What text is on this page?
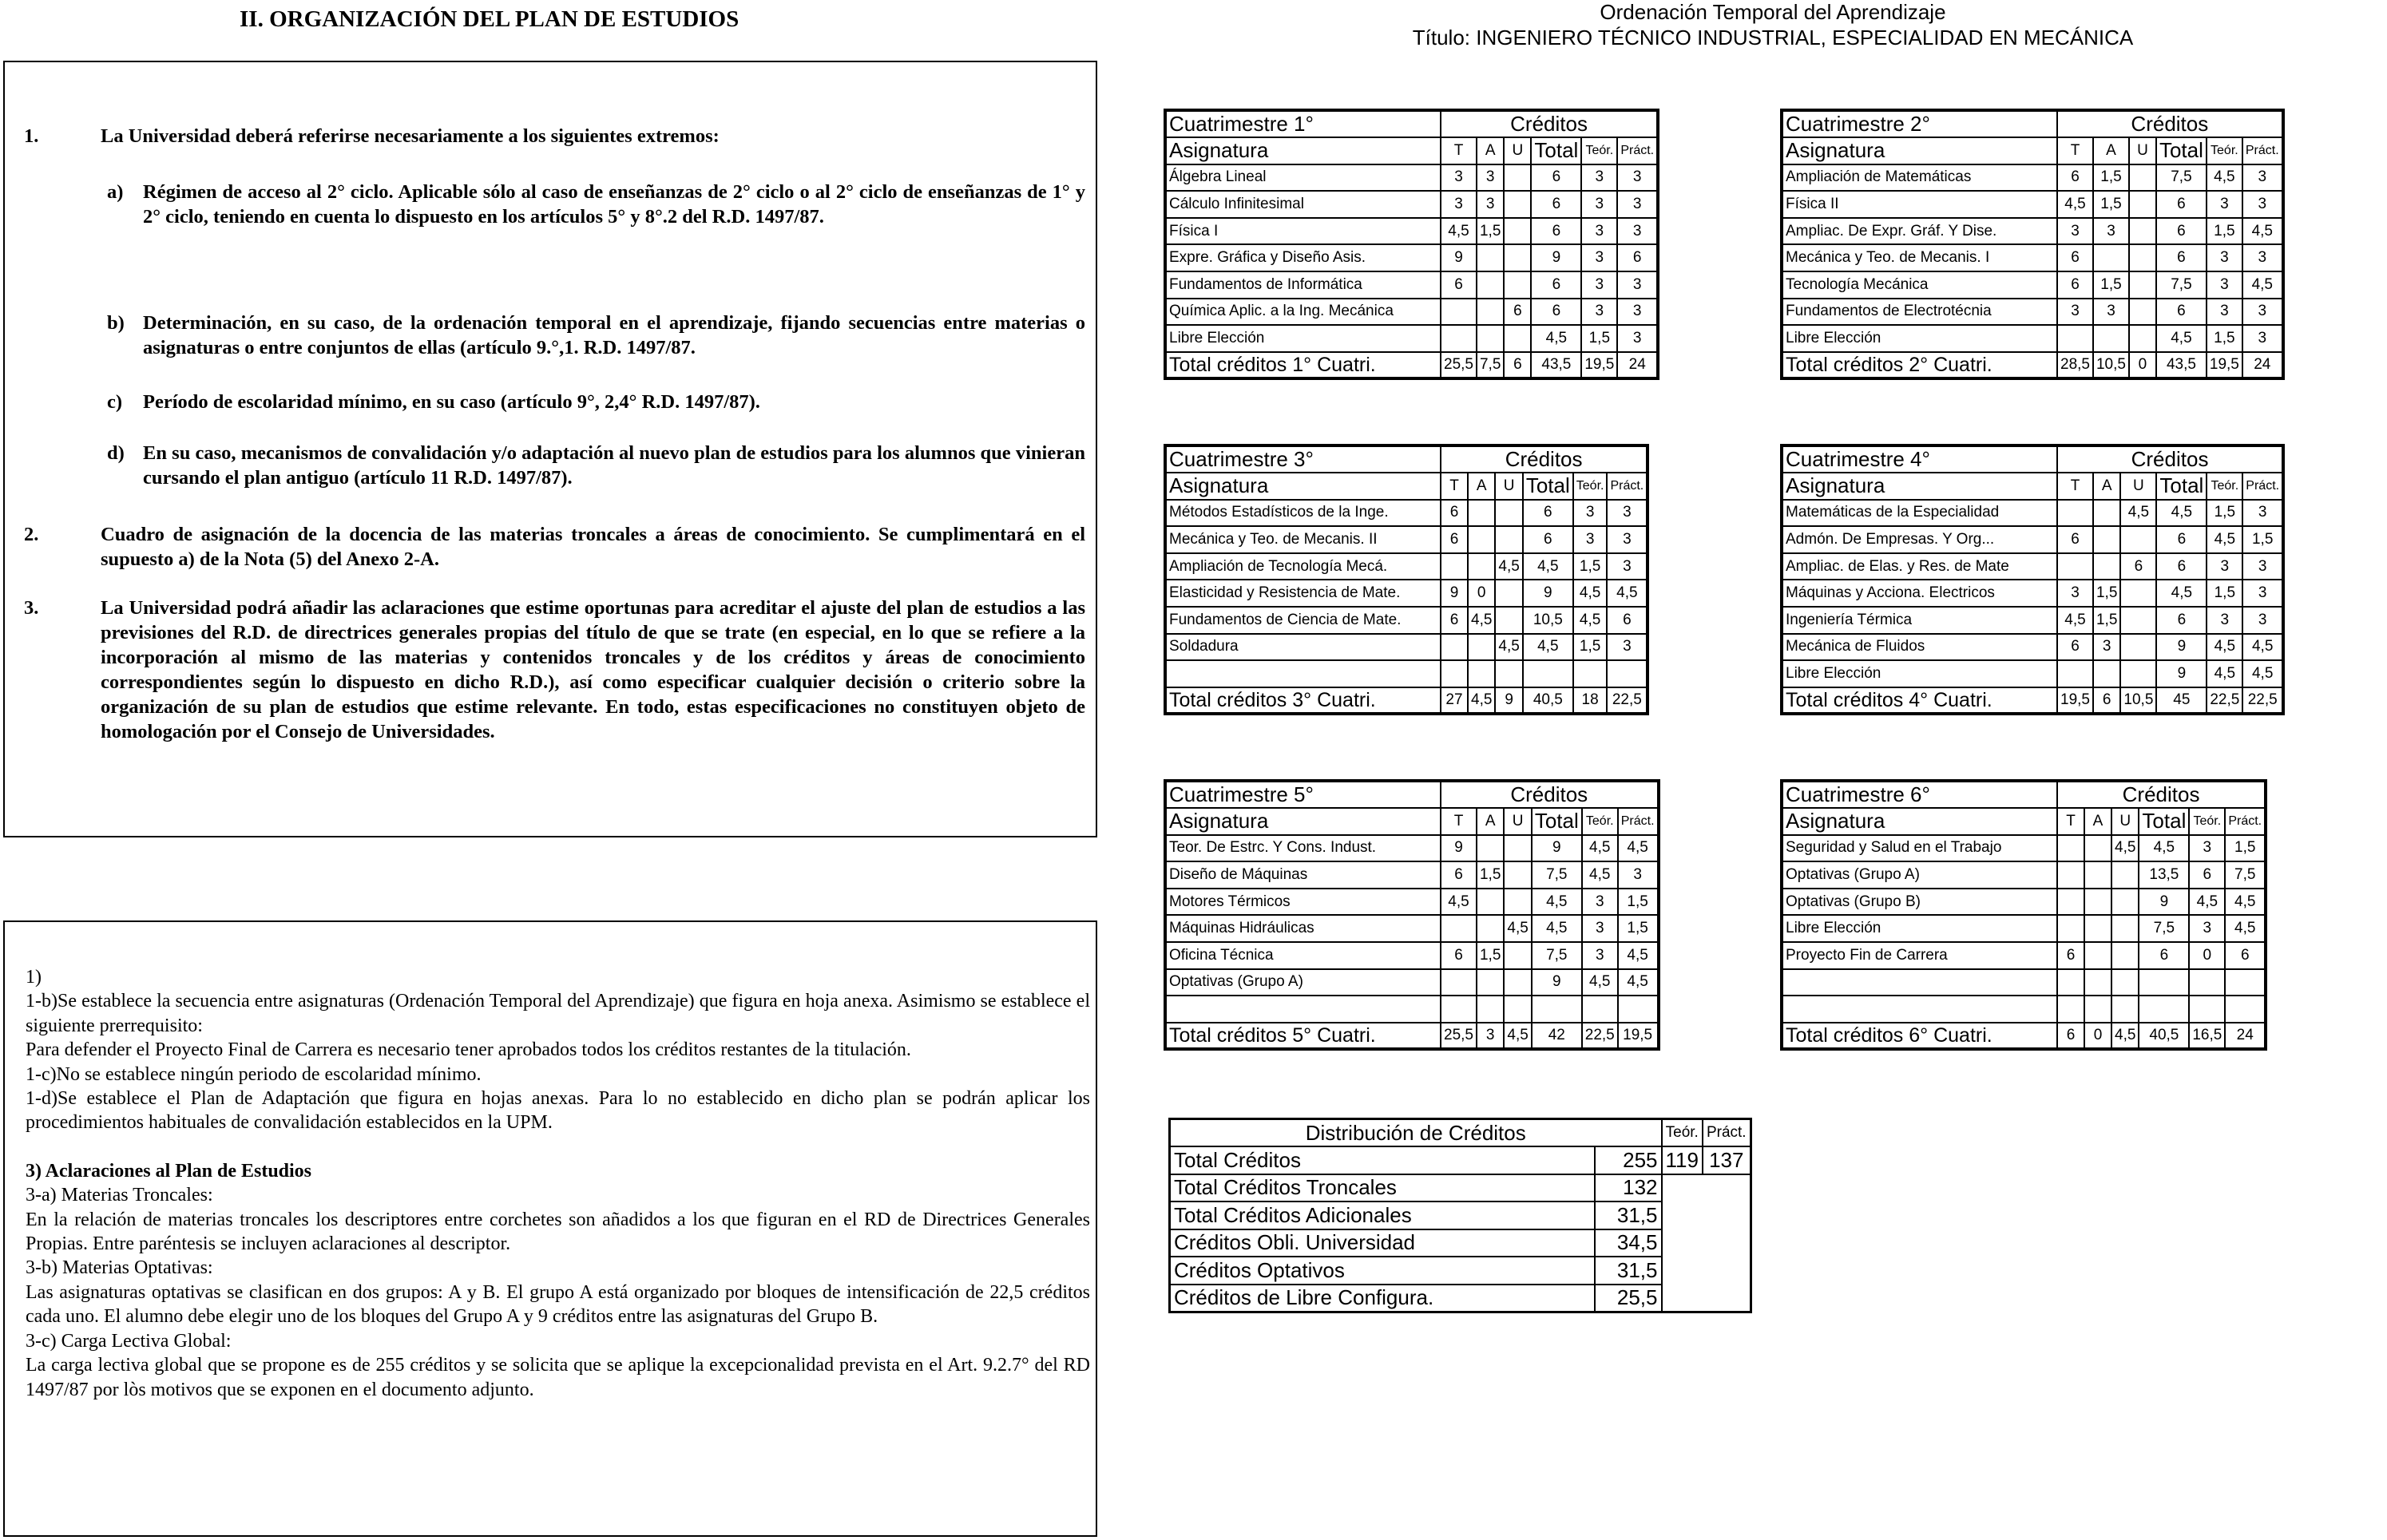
II. ORGANIZACIÓN DEL PLAN DE ESTUDIOS
1.	La Universidad deberá referirse necesariamente a los siguientes extremos:
a) Régimen de acceso al 2° ciclo. Aplicable sólo al caso de enseñanzas de 2° ciclo o al 2° ciclo de enseñanzas de 1° y 2° ciclo, teniendo en cuenta lo dispuesto en los artículos 5° y 8°.2 del R.D. 1497/87.
b) Determinación, en su caso, de la ordenación temporal en el aprendizaje, fijando secuencias entre materias o asignaturas o entre conjuntos de ellas (artículo 9.°,1. R.D. 1497/87.
c) Período de escolaridad mínimo, en su caso (artículo 9°, 2,4° R.D. 1497/87).
d) En su caso, mecanismos de convalidación y/o adaptación al nuevo plan de estudios para los alumnos que vinieran cursando el plan antiguo (artículo 11 R.D. 1497/87).
2.	Cuadro de asignación de la docencia de las materias troncales a áreas de conocimiento. Se cumplimentará en el supuesto a) de la Nota (5) del Anexo 2-A.
3.	La Universidad podrá añadir las aclaraciones que estime oportunas para acreditar el ajuste del plan de estudios a las previsiones del R.D. de directrices generales propias del título de que se trate (en especial, en lo que se refiere a la incorporación al mismo de las materias y contenidos troncales y de los créditos y áreas de conocimiento correspondientes según lo dispuesto en dicho R.D.), así como especificar cualquier decisión o criterio sobre la organización de su plan de estudios que estime relevante. En todo, estas especificaciones no constituyen objeto de homologación por el Consejo de Universidades.
1)
1-b)Se establece la secuencia entre asignaturas (Ordenación Temporal del Aprendizaje) que figura en hoja anexa. Asimismo se establece el siguiente prerrequisito:
Para defender el Proyecto Final de Carrera es necesario tener aprobados todos los créditos restantes de la titulación.
1-c)No se establece ningún periodo de escolaridad mínimo.
1-d)Se establece el Plan de Adaptación que figura en hojas anexas. Para lo no establecido en dicho plan se podrán aplicar los procedimientos habituales de convalidación establecidos en la UPM.
3) Aclaraciones al Plan de Estudios
3-a) Materias Troncales:
En la relación de materias troncales los descriptores entre corchetes son añadidos a los que figuran en el RD de Directrices Generales Propias. Entre paréntesis se incluyen aclaraciones al descriptor.
3-b) Materias Optativas:
Las asignaturas optativas se clasifican en dos grupos: A y B. El grupo A está organizado por bloques de intensificación de 22,5 créditos cada uno. El alumno debe elegir uno de los bloques del Grupo A y 9 créditos entre las asignaturas del Grupo B.
3-c) Carga Lectiva Global:
La carga lectiva global que se propone es de 255 créditos y se solicita que se aplique la excepcionalidad prevista en el Art. 9.2.7° del RD 1497/87 por lòs motivos que se exponen en el documento adjunto.
Ordenación Temporal del Aprendizaje
Título: INGENIERO TÉCNICO INDUSTRIAL, ESPECIALIDAD EN MECÁNICA
Cuatrimestre 1°	Créditos					
Asignatura	T	A	U	Total	Teór.	Práct.
Álgebra Lineal	3	3		6	3	3
Cálculo Infinitesimal	3	3		6	3	3
Física I	4,5	1,5		6	3	3
Expre. Gráfica y Diseño Asis.	9			9	3	6
Fundamentos de Informática	6			6	3	3
Química Aplic. a la Ing. Mecánica			6	6	3	3
Libre Elección				4,5	1,5	3
Total créditos 1° Cuatri.	25,5	7,5	6	43,5	19,5	24
Cuatrimestre 2°	Créditos					
Asignatura	T	A	U	Total	Teór.	Práct.
Ampliación de Matemáticas	6	1,5		7,5	4,5	3
Física II	4,5	1,5		6	3	3
Ampliac. De Expr. Gráf. Y Dise.	3	3		6	1,5	4,5
Mecánica y Teo. de Mecanis. I	6			6	3	3
Tecnología Mecánica	6	1,5		7,5	3	4,5
Fundamentos de Electrotécnia	3	3		6	3	3
Libre Elección				4,5	1,5	3
Total créditos 2° Cuatri.	28,5	10,5	0	43,5	19,5	24
Cuatrimestre 3°	Créditos					
Asignatura	T	A	U	Total	Teór.	Práct.
Métodos Estadísticos de la Inge.	6			6	3	3
Mecánica y Teo. de Mecanis. II	6			6	3	3
Ampliación de Tecnología Mecá.			4,5	4,5	1,5	3
Elasticidad y Resistencia de Mate.	9	0		9	4,5	4,5
Fundamentos de Ciencia de Mate.	6	4,5		10,5	4,5	6
Soldadura			4,5	4,5	1,5	3

Total créditos 3° Cuatri.	27	4,5	9	40,5	18	22,5
Cuatrimestre 4°	Créditos					
Asignatura	T	A	U	Total	Teór.	Práct.
Matemáticas de la Especialidad			4,5	4,5	1,5	3
Admón. De Empresas. Y Org...	6			6	4,5	1,5
Ampliac. de Elas. y Res. de Mate			6	6	3	3
Máquinas y Acciona. Electricos	3	1,5		4,5	1,5	3
Ingeniería Térmica	4,5	1,5		6	3	3
Mecánica de Fluidos	6	3		9	4,5	4,5
Libre Elección				9	4,5	4,5
Total créditos 4° Cuatri.	19,5	6	10,5	45	22,5	22,5
Cuatrimestre 5°	Créditos					
Asignatura	T	A	U	Total	Teór.	Práct.
Teor. De Estrc. Y Cons. Indust.	9			9	4,5	4,5
Diseño de Máquinas	6	1,5		7,5	4,5	3
Motores Térmicos	4,5			4,5	3	1,5
Máquinas Hidráulicas			4,5	4,5	3	1,5
Oficina Técnica	6	1,5		7,5	3	4,5
Optativas (Grupo A)				9	4,5	4,5

Total créditos 5° Cuatri.	25,5	3	4,5	42	22,5	19,5
Cuatrimestre 6°	Créditos					
Asignatura	T	A	U	Total	Teór.	Práct.
Seguridad y Salud en el Trabajo			4,5	4,5	3	1,5
Optativas (Grupo A)				13,5	6	7,5
Optativas (Grupo B)				9	4,5	4,5
Libre Elección				7,5	3	4,5
Proyecto Fin de Carrera	6			6	0	6

Total créditos 6° Cuatri.	6	0	4,5	40,5	16,5	24
Distribución de Créditos		Teór.	Práct.
Total Créditos	255	119	137
Total Créditos Troncales	132		
Total Créditos Adicionales	31,5		
Créditos Obli. Universidad	34,5		
Créditos Optativos	31,5		
Créditos de Libre Configura.	25,5		
